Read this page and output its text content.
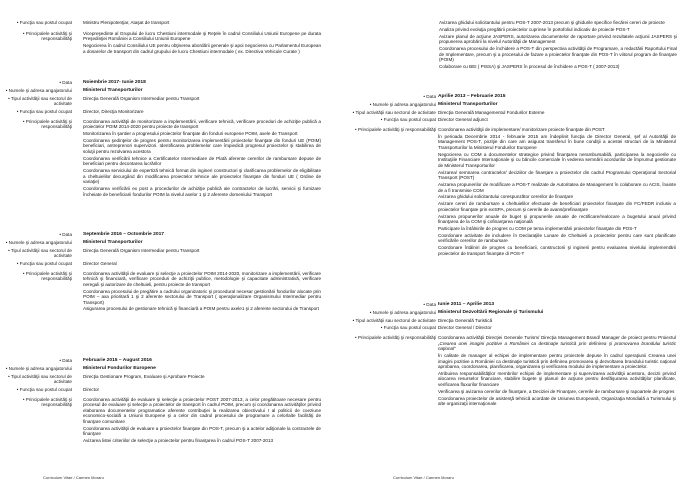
• Funcţia sau postul ocupat Ministru Plenipotenţiar, Ataşat de transport
• Principalele activităţi şi responsabilităţi
Vicepreşedinte al Grupului de lucru Chestiuni intermodale şi Reţele în cadrul Consiliului Uniunii Europene pe durata Preşedinţiei României a Consiliului Uniunii Europene
Negocierea în cadrul Consiliului UE pentru obţinerea abordării generale şi apoi negocierea cu Parlamentul European a dosarelor de transport din cadrul grupului de lucru Chestiuni intermodale ( ex. Directiva Vehicule Curate )
• Data Noiembrie 2017- Iunie 2018
• Numele şi adresa angajatorului Ministerul Transporturilor
• Tipul activităţii sau sectorul de activitate
Direcţia Generală Organism Intermediar pentru Transport
• Funcţia sau postul ocupat Director, Direcţia Monitorizare
• Principalele activităţi şi responsabilităţi
Coordonarea activităţii de monitorizare a implementării, verificare tehnică, verificare proceduri de achiziţie publică a proiectelor POIM 2014-2020 pentru proiecte de transport
Monitorizarea în şantier a progresului proiectelor finanţate din fonduri europene POIM, axele de Transport
Coordonarea şedinţelor de progres pentru monitorizarea implementării proiectelor finanţate din fonduri UE (POIM) beneficiari, antreprenori supervizori. Identificarea problemelor care împiedică progresul proiectelor şi stabilirea de soluţii pentru rezolvarea acestora
Coordonarea verificării tehnice a Certificatelor Intermediare de Plată aferente cererilor de rambursare depuse de beneficiari pentru decontarea lucrărilor
Coordonarea serviciului de expertiză tehnică format din ingineri constructori şi clarificarea problemelor de eligibilitate a cheltuielilor decurgând din modificarea proiectelor tehnice ale proiectelor finanţate din fonduri UE ( Ordine de variaţie)
Coordonarea verificării ex post a procedurilor de achiziţie publică ale contractelor de lucrări, servicii şi furnizare încheiate de beneficiarii fondurilor POIM la nivelul axelor 1 şi 2 aferente domeniului Transport
• Data Septembrie 2016 – Octombrie 2017
• Numele şi adresa angajatorului Ministerul Transporturilor
• Tipul activităţii sau sectorul de activitate
Direcţia Generală Organism Intermediar pentru Transport
• Funcţia sau postul ocupat Director General
• Principalele activităţi şi responsabilităţi
Coordonarea activităţii de evaluare şi selecţie a proiectelor POIM 2014-2020, monitorizare a implementării, verificare tehnică şi financiară, verificare proceduri de achiziţii publice, metodologie şi capacitate administrativă, verificare nereguli şi autorizare de cheltuieli, pentru proiecte de transport
Coordonarea procesului de pregătire a cadrului organizatoric şi procedural necesar gestionării fondurilor alocate prin POIM – axa prioritară 1 şi 2 aferente sectorului de Transport ( operaţionalizare Organismului Intermediar pentru Transport)
Asigurarea procesului de gestionare tehnică şi financiară a POIM pentru axele1 şi 2 aferente sectorului de Transport
• Data Februarie 2015 – August 2016
• Numele şi adresa angajatorului Ministerul Fondurilor Europene
• Tipul activităţii sau sectorul de activitate
Direcţia Gestionare Program, Evaluare şi Aprobare Proiecte
• Funcţia sau postul ocupat Director
• Principalele activităţi şi responsabilităţi
Coordonarea activităţii de evaluare şi selecţie a proiectelor POST 2007-2013, a celor pregătitoare necesare pentru procesul de evaluare şi selecţie a proiectelor de transport în cadrul POIM, precum şi coordonarea activităţilor privind elaborarea documentelor programatice aferente contribuţiei la realizarea obiectivului I al politicii de coeziune economico-socială a Uniunii Europene şi a celor din cadrul procesului de programare a celorlalte facilităţi de finanţare comunitare
Coordonarea activităţii de evaluare a proiectelor finanţate din POS-T, precum şi a actelor adiţionale la contractele de finanţare
Avizarea listei criteriilor de selecţie a proiectelor pentru finanţarea în cadrul POS-T 2007-2013
Curriculum Vitae / Carmen Moraru
Avizarea ghidului solicitantului pentru POS-T 2007-2013 precum şi ghidurile specifice fiecărei cereri de proiecte
Analiza privind evoluţia pregătirii proiectelor cuprinse în portofoliul indicativ de proiecte POS-T
Avizare planul de acţiune JASPERS, autorizarea documentelor de raportare privind rezultatele acţiunii JASPERS şi propunerea aprobării la nivelul Autorităţii de Management
Coordonarea procesului de închidere a POS-T din perspectiva activităţii de Programare, a redactării Raportului Final de Implementare, precum şi a procesului de fazare a proiectelor finanţate din POS-T în viitorul program de finanţare (POIM)
Colaborare cu BEI ( PISSA) şi JASPERS în procesul de închidere a POS-T ( 2007-2013)
• Data Aprilie 2013 – Februarie 2015
• Numele şi adresa angajatorului Ministerul Transporturilor
• Tipul activităţii sau sectorul de activitate Direcţia Generală Managementul Fondurilor Externe
• Funcţia sau postul ocupat Director General adjunct
• Principalele activităţi şi responsabilităţi Coordonarea activităţii de implementare/ monitorizare proiecte finanţate din POST
În perioada Decembrie 2014 - februarie 2015 am îndeplinit funcţia de Director General, şef al Autorităţii de Management POS-T, poziţie din care am asigurat transferul în bune condiţii a acestei structuri de la Ministerul Transporturilor la Ministerul Fondurilor Europene
Negocierea cu COM a documentelor strategice privind finanţarea nerambursabilă, participarea la negocierile cu Instituţiile Financiare Internaţionale şi cu băncile comerciale în vederea semnării acordurilor de împrumut gestionate de Ministerul Transporturilor
Avizarea/ semnarea contractelor/ deciziilor de finanţare a proiectelor din cadrul Programului Operaţional Sectorial Transport (POST)
Avizarea propunerilor de modificare a POS-T realizate de Autoritatea de Management în colaborare cu ACIS, înainte de a fi transmise COM
Avizarea ghidului solicitantului corespunzător cererilor de finanţare
Avizare cereri de rambursare a cheltuielilor efectuate de beneficiari proiectelor finanţate din FC/FEDR inclusiv a proiectelor finanţate prin exISPA, precum şi cererile de avans/prefinanţare
Avizarea propunerilor anuale de buget şi propunerile anuale de rectificare/realocare a bugetului anual privind finanţarea de la COM şi cofinanţarea naţională
Participare la întâlnirile de progres cu COM pe tema implementării proiectelor finanţate din POS-T
Coordonare activitate de includere în Declaraţiile Lunare de Cheltuieli a proiectelor pentru care sunt planificate verificările cererilor de rambursare
Coordonare întâlniri de progres cu beneficiarii, constructorii şi inginerii pentru evaluarea nivelului implementării proiectelor de transport finanţate di POS-T
• Data Iunie 2011 – Aprilie 2013
• Numele şi adresa angajatorului Ministerul Dezvoltării Regionale şi Turismului
• Tipul activităţii sau sectorul de activitate Direcţia Generală Turistică
• Funcţia sau postul ocupat Director General / Director
• Principalele activităţi şi responsabilităţi Coordonarea activităţii Direcţiei Generale Turism/ Direcţia Management Brand/ Manager de proiect pentru Proiectul „Crearea unei imagini pozitive a României ca destinaţie turistică prin definirea şi promovarea brandului turistic naţional”
În calitate de manager al echipei de implementare pentru proiectele depuse în cadrul operaţiunii Crearea unei imagini pozitive a României ca destinaţie turistică prin definirea promovarea şi dezvoltarea brandului turistic naţional aprobarea, coordonarea, planificarea, organizarea şi verificarea modului de implementare a proiectelor.
Atribuirea responsabilităţilor membrilor echipei de implementare şi supervizarea activităţii acestora, decizii privind alocarea resurselor financiare, stabilire bugete şi planuri de acţiune pentru desfăşurarea activităţilor planificate, verificarea fluxurilor financiare
Verificarea şi avizarea cererilor de finanţare, a Deciziei de Finanţare, cererile de rambursare şi rapoartele de progres
Coordonarea proiectelor de asistenţă tehnică acordate de Uniunea Europeană, Organizaţia Mondială a Turismului şi alte organizaţii internaţionale
Curriculum Vitae / Carmen Moraru
